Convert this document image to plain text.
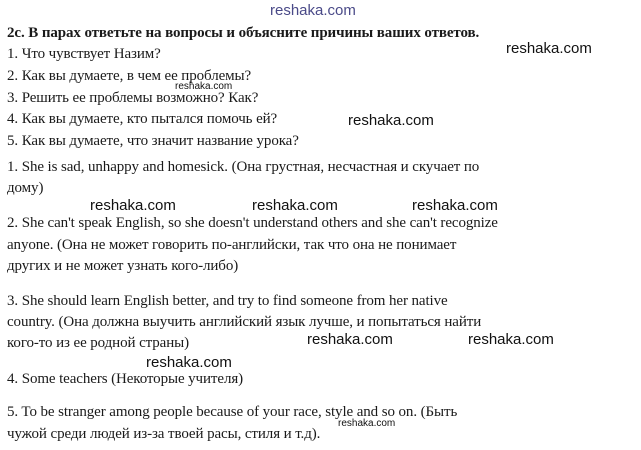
reshaka.com
2с. В парах ответьте на вопросы и объясните причины ваших ответов.
1. Что чувствует Назим?
2. Как вы думаете, в чем ее проблемы?
3. Решить ее проблемы возможно? Как?
4. Как вы думаете, кто пытался помочь ей?
5. Как вы думаете, что значит название урока?
1. She is sad, unhappy and homesick. (Она грустная, несчастная и скучает по
дому)
2. She can't speak English, so she doesn't understand others and she can't recognize
anyone. (Она не может говорить по-английски, так что она не понимает
других и не может узнать кого-либо)
3. She should learn English better, and try to find someone from her native
country. (Она должна выучить английский язык лучше, и попытаться найти
кого-то из ее родной страны)
4. Some teachers (Некоторые учителя)
5. To be stranger among people because of your race, style and so on. (Быть
чужой среди людей из-за твоей расы, стиля и т.д).
reshaka.com
reshaka.com
reshaka.com
reshaka.com	reshaka.com	reshaka.com
reshaka.com	reshaka.com
reshaka.com
reshaka.com
